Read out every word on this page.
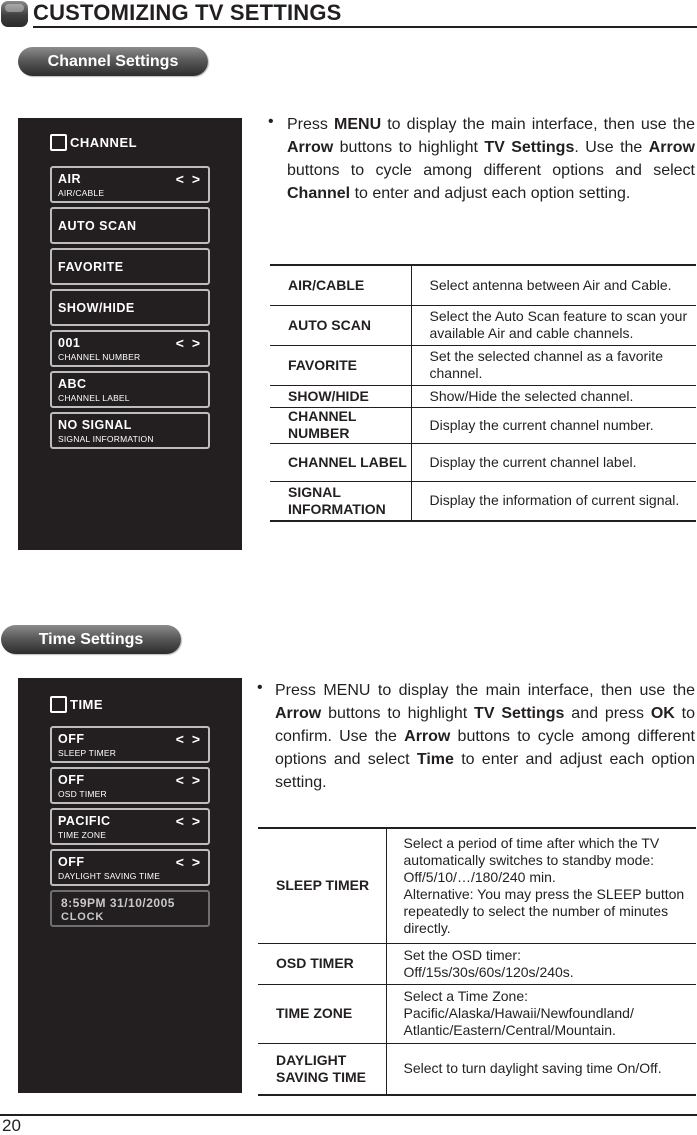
CUSTOMIZING TV SETTINGS
Channel Settings
CHANNEL
AIR
AIR/CABLE
< >
AUTO SCAN
FAVORITE
SHOW/HIDE
001
CHANNEL NUMBER
< >
ABC
CHANNEL LABEL
NO SIGNAL
SIGNAL INFORMATION
• Press MENU to display the main interface, then use the Arrow buttons to highlight TV Settings. Use the Arrow buttons to cycle among different options and select Channel to enter and adjust each option setting.
AIR/CABLE	Select antenna between Air and Cable.
AUTO SCAN	Select the Auto Scan feature to scan your available Air and cable channels.
FAVORITE	Set the selected channel as a favorite channel.
SHOW/HIDE	Show/Hide the selected channel.
CHANNEL NUMBER	Display the current channel number.
CHANNEL LABEL	Display the current channel label.
SIGNAL INFORMATION	Display the information of current signal.
Time Settings
TIME
OFF
SLEEP TIMER
< >
OFF
OSD TIMER
< >
PACIFIC
TIME ZONE
< >
OFF
DAYLIGHT SAVING TIME
< >
8:59PM 31/10/2005
CLOCK
• Press MENU to display the main interface, then use the Arrow buttons to highlight TV Settings and press OK to confirm. Use the Arrow buttons to cycle among different options and select Time to enter and adjust each option setting.
SLEEP TIMER	Select a period of time after which the TV automatically switches to standby mode: Off/5/10/…/180/240 min.
Alternative: You may press the SLEEP button repeatedly to select the number of minutes directly.

OSD TIMER	Set the OSD timer: Off/15s/30s/60s/120s/240s.
TIME ZONE	Select a Time Zone: Pacific/Alaska/Hawaii/Newfoundland/ Atlantic/Eastern/Central/Mountain.
DAYLIGHT SAVING TIME	Select to turn daylight saving time On/Off.
20
